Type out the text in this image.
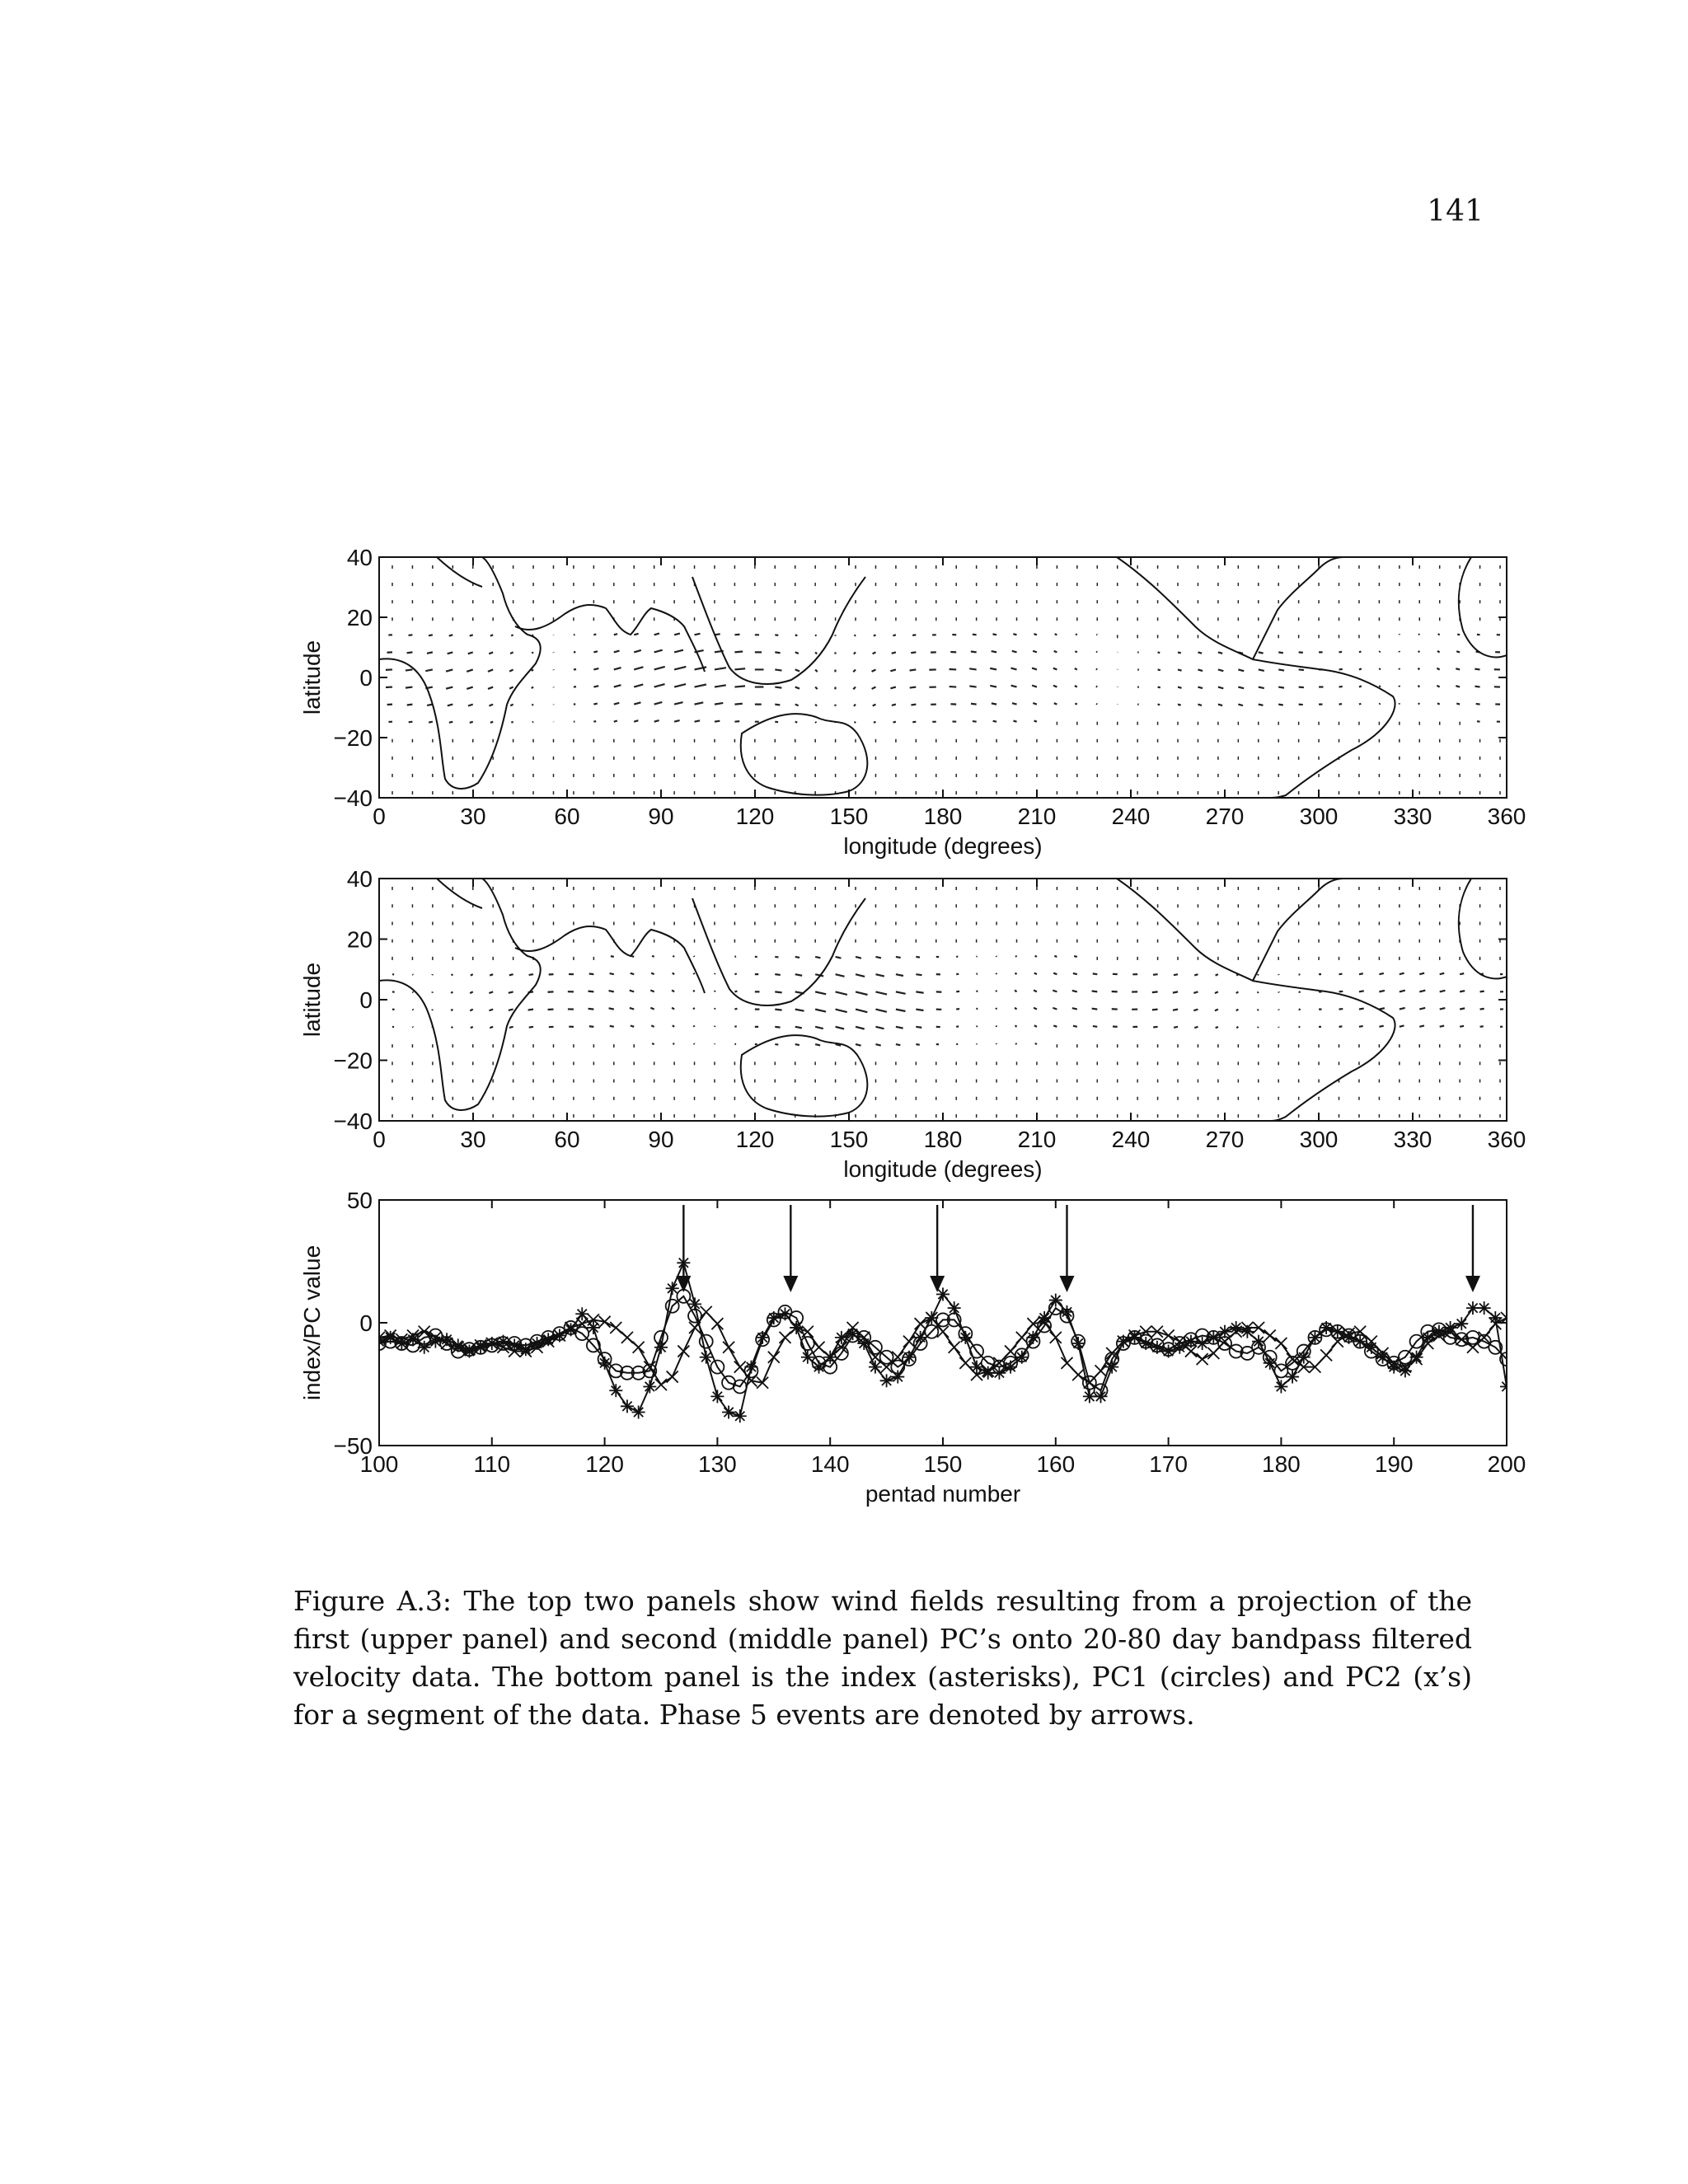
141
0	30	60	90	120 150 180 210 240 270 300 330 360
40
20
0
−20
−40
longitude (degrees)
latitude
0	30	60	90	120 150 180 210 240 270 300 330 360
40
20
0
−20
−40
longitude (degrees)
latitude
100	110	120	130	140	150	160	170	180	190	200
50
0
−50
pentad number
index/PC value
Figure A.3: The top two panels show wind fields resulting from a projection of the first (upper panel) and second (middle panel) PC’s onto 20-80 day bandpass filtered velocity data. The bottom panel is the index (asterisks), PC1 (circles) and PC2 (x’s) for a segment of the data. Phase 5 events are denoted by arrows.
